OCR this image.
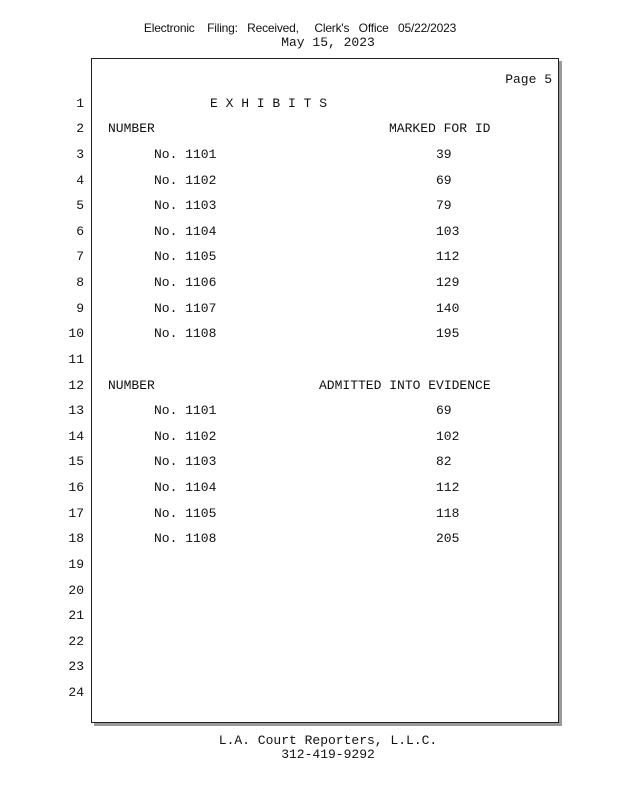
Electronic    Filing:   Received,     Clerk's   Office   05/22/2023
May 15, 2023
1
2
3
4
5
6
7
8
9
10
11
12
13
14
15
16
17
18
19
20
21
22
23
24
Page 5
E X H I B I T S
NUMBER	MARKED FOR ID
No. 1101	39
No. 1102	69
No. 1103	79
No. 1104	103
No. 1105	112
No. 1106	129
No. 1107	140
No. 1108	195
NUMBER	ADMITTED INTO EVIDENCE
No. 1101	69
No. 1102	102
No. 1103	82
No. 1104	112
No. 1105	118
No. 1108	205
L.A. Court Reporters, L.L.C.
312-419-9292
